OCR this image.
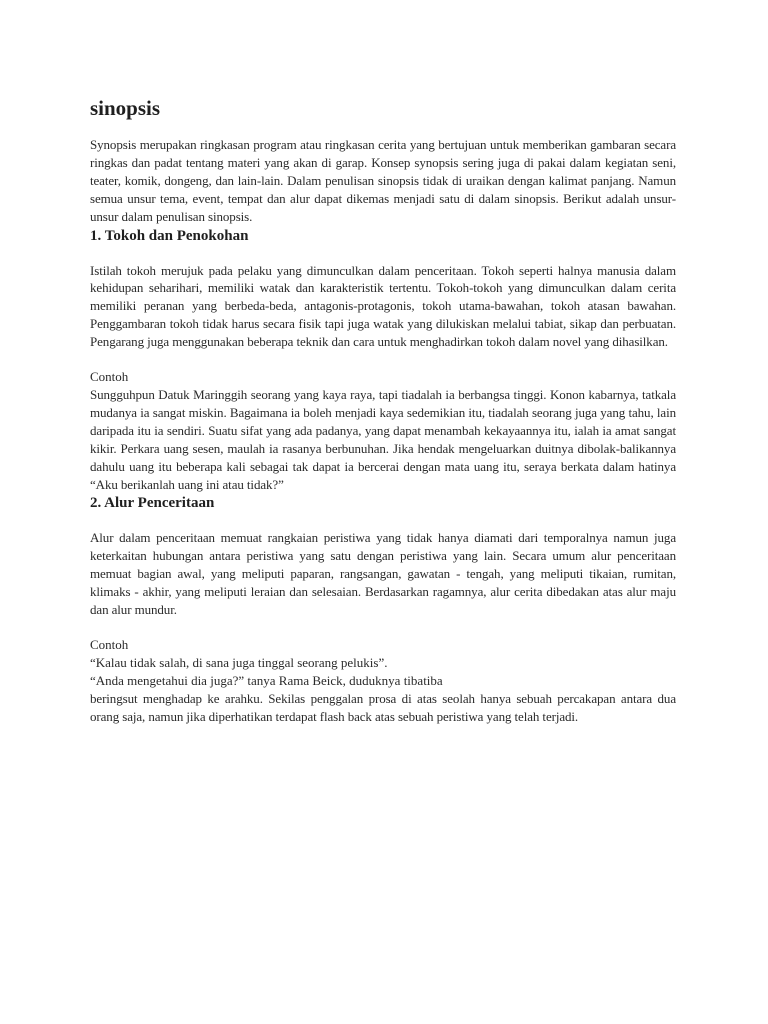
sinopsis

Synopsis merupakan ringkasan program atau ringkasan cerita yang bertujuan untuk memberikan gambaran secara ringkas dan padat tentang materi yang akan di garap. Konsep synopsis sering juga di pakai dalam kegiatan seni, teater, komik, dongeng, dan lain-lain. Dalam penulisan sinopsis tidak di uraikan dengan kalimat panjang. Namun semua unsur tema, event, tempat dan alur dapat dikemas menjadi satu di dalam sinopsis. Berikut adalah unsur-unsur dalam penulisan sinopsis.

1. Tokoh dan Penokohan

Istilah tokoh merujuk pada pelaku yang dimunculkan dalam penceritaan. Tokoh seperti halnya manusia dalam kehidupan seharihari, memiliki watak dan karakteristik tertentu. Tokoh-tokoh yang dimunculkan dalam cerita memiliki peranan yang berbeda-beda, antagonis-protagonis, tokoh utama-bawahan, tokoh atasan bawahan. Penggambaran tokoh tidak harus secara fisik tapi juga watak yang dilukiskan melalui tabiat, sikap dan perbuatan. Pengarang juga menggunakan beberapa teknik dan cara untuk menghadirkan tokoh dalam novel yang dihasilkan.

Contoh

Sungguhpun Datuk Maringgih seorang yang kaya raya, tapi tiadalah ia berbangsa tinggi. Konon kabarnya, tatkala mudanya ia sangat miskin. Bagaimana ia boleh menjadi kaya sedemikian itu, tiadalah seorang juga yang tahu, lain daripada itu ia sendiri. Suatu sifat yang ada padanya, yang dapat menambah kekayaannya itu, ialah ia amat sangat kikir. Perkara uang sesen, maulah ia rasanya berbunuhan. Jika hendak mengeluarkan duitnya dibolak-balikannya dahulu uang itu beberapa kali sebagai tak dapat ia bercerai dengan mata uang itu, seraya berkata dalam hatinya “Aku berikanlah uang ini atau tidak?”

2. Alur Penceritaan

Alur dalam penceritaan memuat rangkaian peristiwa yang tidak hanya diamati dari temporalnya namun juga keterkaitan hubungan antara peristiwa yang satu dengan peristiwa yang lain. Secara umum alur penceritaan memuat bagian awal, yang meliputi paparan, rangsangan, gawatan - tengah, yang meliputi tikaian, rumitan, klimaks - akhir, yang meliputi leraian dan selesaian. Berdasarkan ragamnya, alur cerita dibedakan atas alur maju dan alur mundur.

Contoh
“Kalau tidak salah, di sana juga tinggal seorang pelukis”.
“Anda mengetahui dia juga?” tanya Rama Beick, duduknya tibatiba

beringsut menghadap ke arahku. Sekilas penggalan prosa di atas seolah hanya sebuah percakapan antara dua orang saja, namun jika diperhatikan terdapat flash back atas sebuah peristiwa yang telah terjadi.
